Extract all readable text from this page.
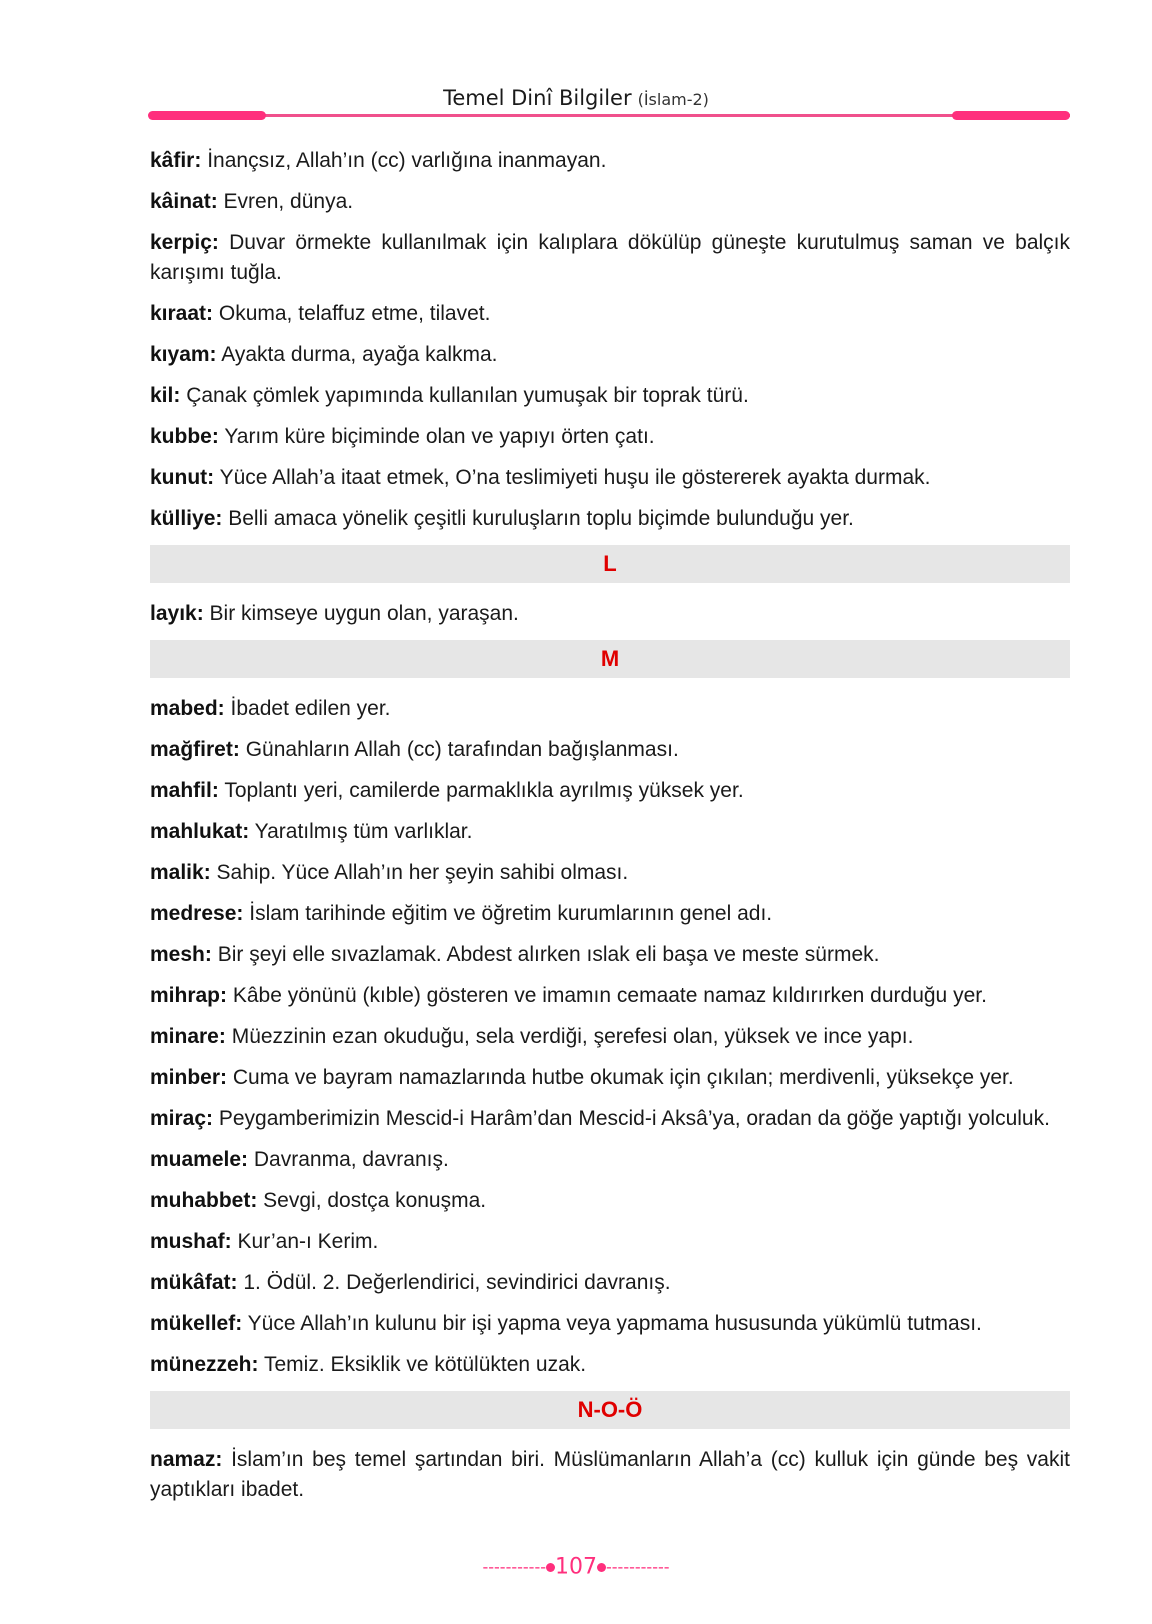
Temel Dinî Bilgiler (İslam-2)
kâfir: İnançsız, Allah’ın (cc) varlığına inanmayan.
kâinat: Evren, dünya.
kerpiç: Duvar örmekte kullanılmak için kalıplara dökülüp güneşte kurutulmuş saman ve balçık karışımı tuğla.
kıraat: Okuma, telaffuz etme, tilavet.
kıyam: Ayakta durma, ayağa kalkma.
kil: Çanak çömlek yapımında kullanılan yumuşak bir toprak türü.
kubbe: Yarım küre biçiminde olan ve yapıyı örten çatı.
kunut: Yüce Allah’a itaat etmek, O’na teslimiyeti huşu ile göstererek ayakta durmak.
külliye: Belli amaca yönelik çeşitli kuruluşların toplu biçimde bulunduğu yer.
L
layık: Bir kimseye uygun olan, yaraşan.
M
mabed: İbadet edilen yer.
mağfiret: Günahların Allah (cc) tarafından bağışlanması.
mahfil: Toplantı yeri, camilerde parmaklıkla ayrılmış yüksek yer.
mahlukat: Yaratılmış tüm varlıklar.
malik: Sahip. Yüce Allah’ın her şeyin sahibi olması.
medrese: İslam tarihinde eğitim ve öğretim kurumlarının genel adı.
mesh: Bir şeyi elle sıvazlamak. Abdest alırken ıslak eli başa ve meste sürmek.
mihrap: Kâbe yönünü (kıble) gösteren ve imamın cemaate namaz kıldırırken durduğu yer.
minare: Müezzinin ezan okuduğu, sela verdiği, şerefesi olan, yüksek ve ince yapı.
minber: Cuma ve bayram namazlarında hutbe okumak için çıkılan; merdivenli, yüksekçe yer.
miraç: Peygamberimizin Mescid-i Harâm’dan Mescid-i Aksâ’ya, oradan da göğe yaptığı yolculuk.
muamele: Davranma, davranış.
muhabbet: Sevgi, dostça konuşma.
mushaf: Kur’an-ı Kerim.
mükâfat: 1. Ödül. 2. Değerlendirici, sevindirici davranış.
mükellef: Yüce Allah’ın kulunu bir işi yapma veya yapmama hususunda yükümlü tutması.
münezzeh: Temiz. Eksiklik ve kötülükten uzak.
N-O-Ö
namaz: İslam’ın beş temel şartından biri. Müslümanların Allah’a (cc) kulluk için günde beş vakit yaptıkları ibadet.
----------- 107 -----------
